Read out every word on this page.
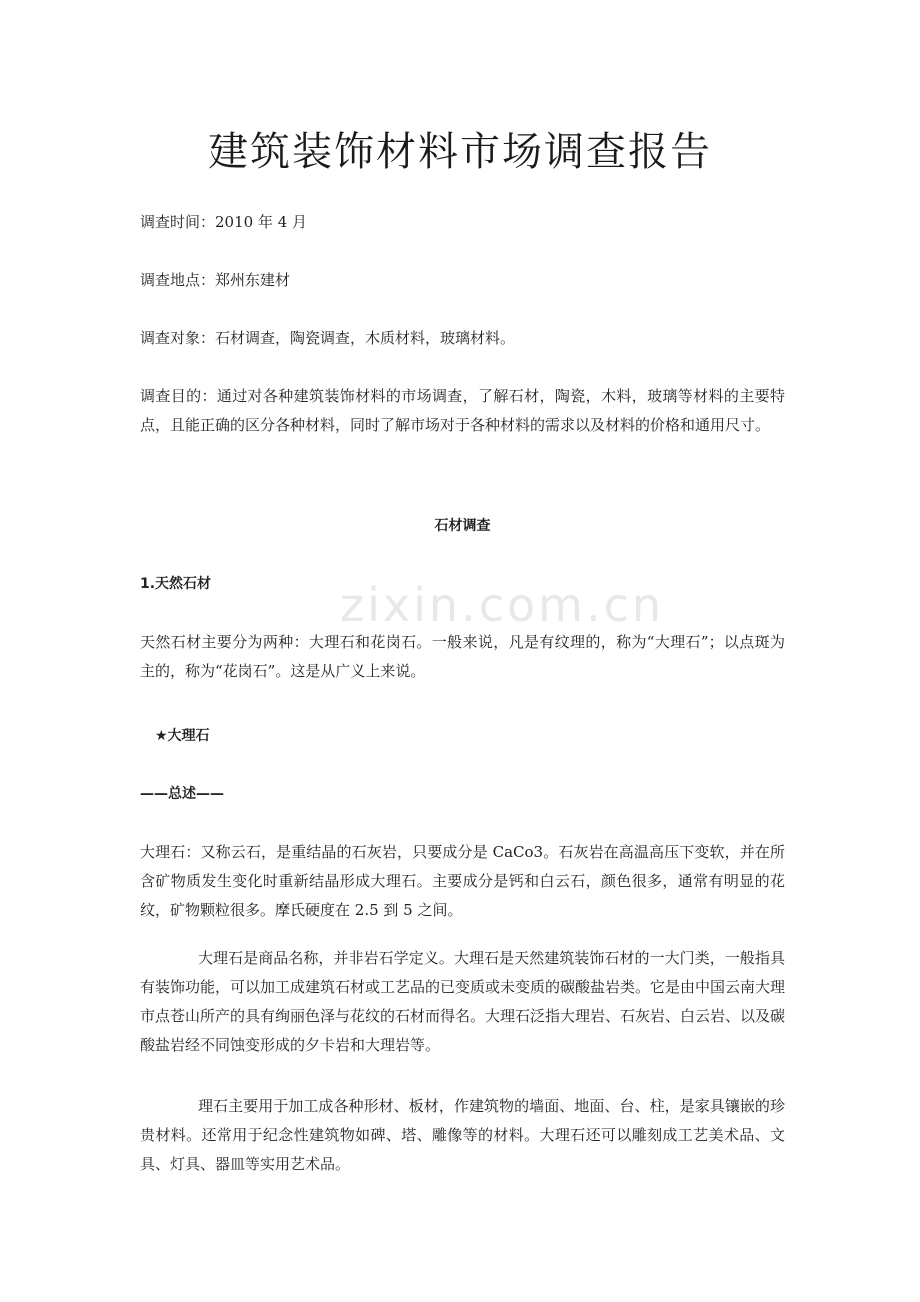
zixin.com.cn
建筑装饰材料市场调查报告
调查时间：2010 年 4 月
调查地点：郑州东建材
调查对象：石材调查，陶瓷调查，木质材料，玻璃材料。
调查目的：通过对各种建筑装饰材料的市场调查，了解石材，陶瓷，木料，玻璃等材料的主要特点，且能正确的区分各种材料，同时了解市场对于各种材料的需求以及材料的价格和通用尺寸。
石材调查
1.天然石材
天然石材主要分为两种：大理石和花岗石。一般来说，凡是有纹理的，称为“大理石”；以点斑为主的，称为“花岗石”。这是从广义上来说。
★大理石
——总述——
大理石：又称云石，是重结晶的石灰岩，只要成分是 CaCo3。石灰岩在高温高压下变软，并在所含矿物质发生变化时重新结晶形成大理石。主要成分是钙和白云石，颜色很多，通常有明显的花纹，矿物颗粒很多。摩氏硬度在 2.5 到 5 之间。
大理石是商品名称，并非岩石学定义。大理石是天然建筑装饰石材的一大门类，一般指具有装饰功能，可以加工成建筑石材或工艺品的已变质或未变质的碳酸盐岩类。它是由中国云南大理市点苍山所产的具有绚丽色泽与花纹的石材而得名。大理石泛指大理岩、石灰岩、白云岩、以及碳酸盐岩经不同蚀变形成的夕卡岩和大理岩等。
理石主要用于加工成各种形材、板材，作建筑物的墙面、地面、台、柱，是家具镶嵌的珍贵材料。还常用于纪念性建筑物如碑、塔、雕像等的材料。大理石还可以雕刻成工艺美术品、文具、灯具、器皿等实用艺术品。
